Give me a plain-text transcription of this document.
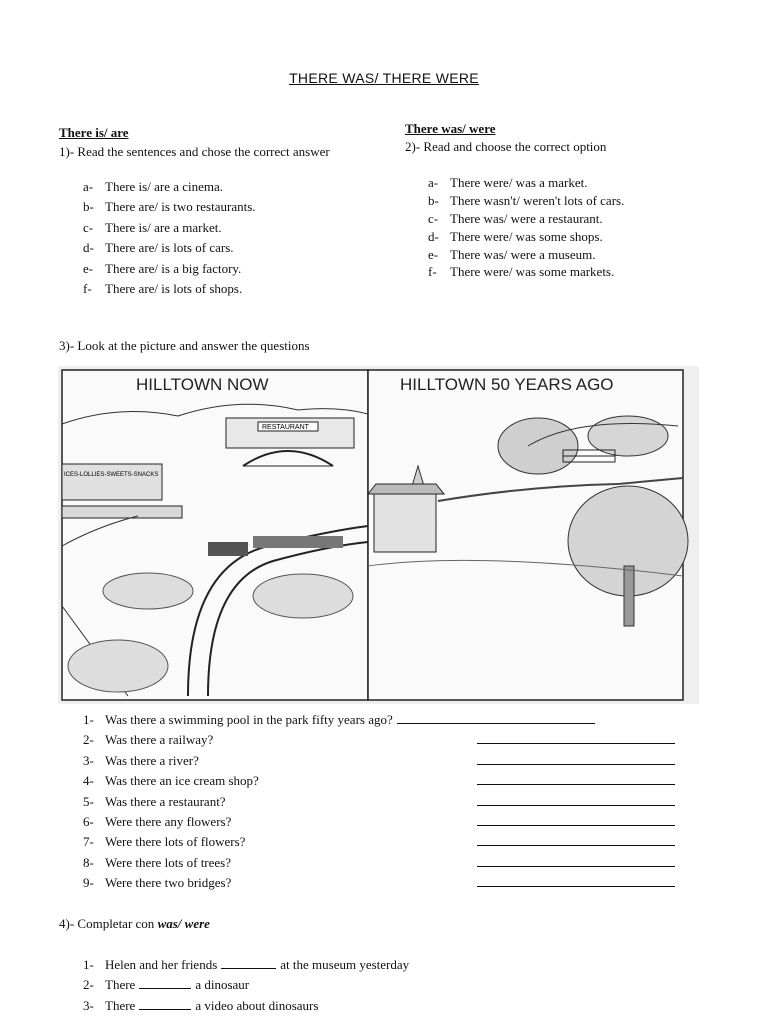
THERE WAS/ THERE WERE
There is/ are
1)- Read the sentences and chose the correct answer
a- There is/ are a cinema.
b- There are/ is two restaurants.
c- There is/ are a market.
d- There are/ is lots of cars.
e- There are/ is a big factory.
f- There are/ is lots of shops.
There was/ were
2)- Read and choose the correct option
a- There were/ was a market.
b- There wasn't/ weren't lots of cars.
c- There was/ were a restaurant.
d- There were/ was some shops.
e- There was/ were a museum.
f- There were/ was some markets.
3)- Look at the picture and answer the questions
HILLTOWN NOW	HILLTOWN 50 YEARS AGO
RESTAURANT
ICES-LOLLIES-SWEETS-SNACKS
1- Was there a swimming pool in the park fifty years ago?
2- Was there a railway?
3- Was there a river?
4- Was there an ice cream shop?
5- Was there a restaurant?
6- Were there any flowers?
7- Were there lots of flowers?
8- Were there lots of trees?
9- Were there two bridges?
4)- Completar con was/ were
1- Helen and her friends	at the museum yesterday
2- There	a dinosaur
3- There	a video about dinosaurs
